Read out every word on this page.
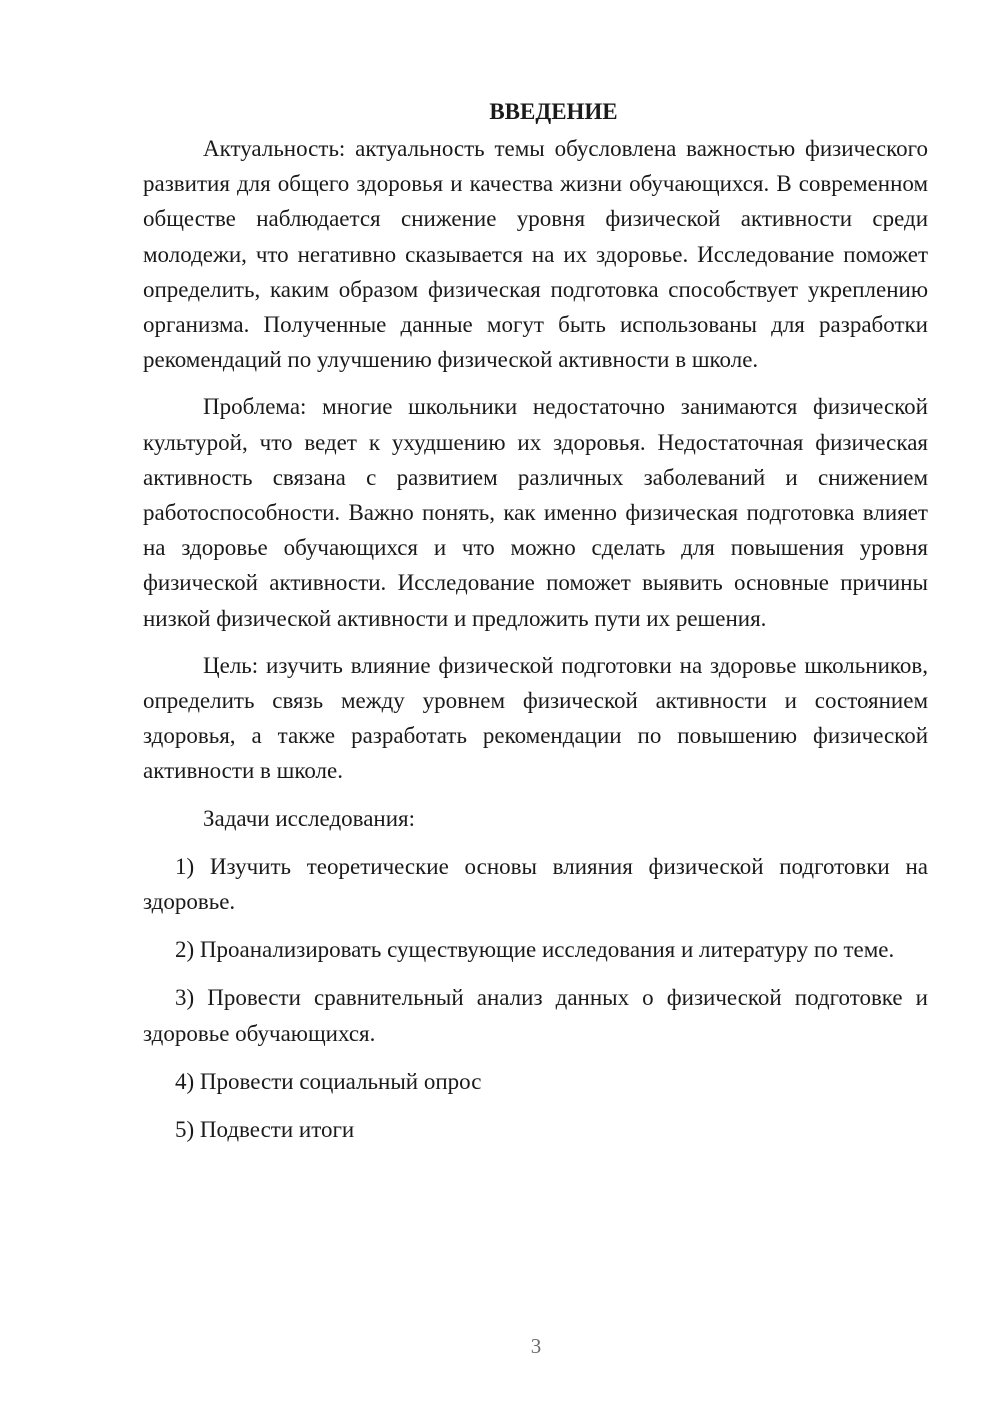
ВВЕДЕНИЕ

Актуальность: актуальность темы обусловлена важностью физического развития для общего здоровья и качества жизни обучающихся. В современном обществе наблюдается снижение уровня физической активности среди молодежи, что негативно сказывается на их здоровье. Исследование поможет определить, каким образом физическая подготовка способствует укреплению организма. Полученные данные могут быть использованы для разработки рекомендаций по улучшению физической активности в школе.

Проблема: многие школьники недостаточно занимаются физической культурой, что ведет к ухудшению их здоровья. Недостаточная физическая активность связана с развитием различных заболеваний и снижением работоспособности. Важно понять, как именно физическая подготовка влияет на здоровье обучающихся и что можно сделать для повышения уровня физической активности. Исследование поможет выявить основные причины низкой физической активности и предложить пути их решения.

Цель: изучить влияние физической подготовки на здоровье школьников, определить связь между уровнем физической активности и состоянием здоровья, а также разработать рекомендации по повышению физической активности в школе.

Задачи исследования:

1) Изучить теоретические основы влияния физической подготовки на здоровье.

2) Проанализировать существующие исследования и литературу по теме.

3) Провести сравнительный анализ данных о физической подготовке и здоровье обучающихся.

4) Провести социальный опрос

5) Подвести итоги

3
